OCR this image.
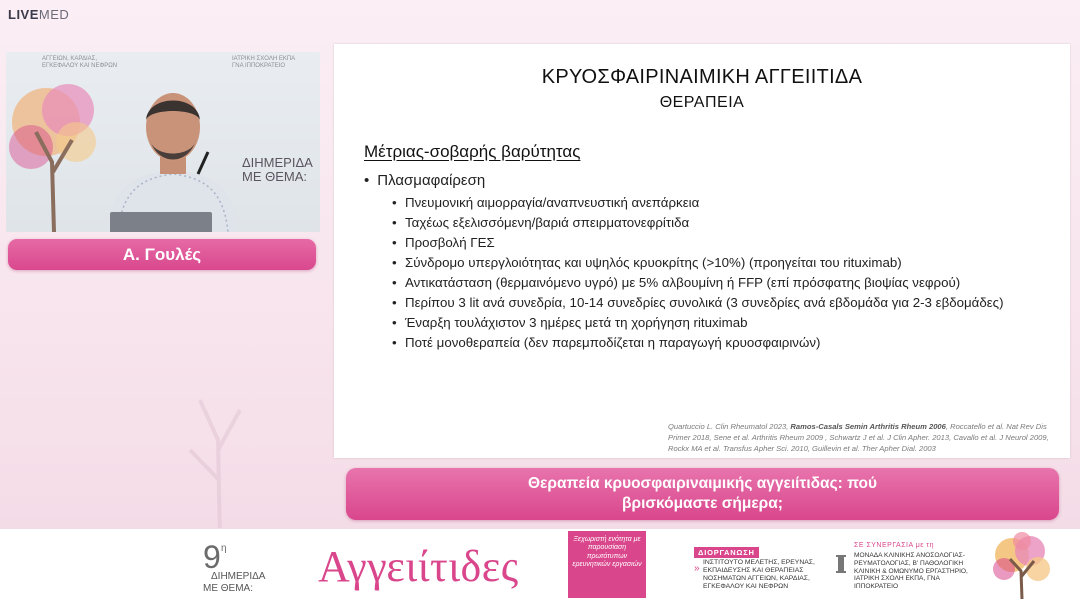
LIVEMED
ΑΓΓΕΙΩΝ, ΚΑΡΔΙΑΣ,
ΕΓΚΕΦΑΛΟΥ ΚΑΙ ΝΕΦΡΩΝ
ΙΑΤΡΙΚΗ ΣΧΟΛΗ ΕΚΠΑ
ΓΝΑ ΙΠΠΟΚΡΑΤΕΙΟ
ΔΙΗΜΕΡΙΔΑ
ΜΕ ΘΕΜΑ:
Α. Γουλές
ΚΡΥΟΣΦΑΙΡΙΝΑΙΜΙΚΗ ΑΓΓΕΙΙΤΙΔΑ
ΘΕΡΑΠΕΙΑ
Μέτριας-σοβαρής βαρύτητας
• Πλασμαφαίρεση
• Πνευμονική αιμορραγία/αναπνευστική ανεπάρκεια
• Ταχέως εξελισσόμενη/βαριά σπειρματονεφρίτιδα
• Προσβολή ΓΕΣ
• Σύνδρομο υπεργλοιότητας και υψηλός κρυοκρίτης (>10%) (προηγείται του rituximab)
• Αντικατάσταση (θερμαινόμενο υγρό) με 5% αλβουμίνη ή FFP (επί πρόσφατης βιοψίας νεφρού)
• Περίπου 3 lit ανά συνεδρία, 10-14 συνεδρίες συνολικά (3 συνεδρίες ανά εβδομάδα για 2-3 εβδομάδες)
• Έναρξη τουλάχιστον 3 ημέρες μετά τη χορήγηση rituximab
• Ποτέ μονοθεραπεία (δεν παρεμποδίζεται η παραγωγή κρυοσφαιρινών)
Quartuccio L. Clin Rheumatol 2023, Ramos-Casals Semin Arthritis Rheum 2006, Roccatello et al. Nat Rev Dis Primer 2018, Sene et al. Arthritis Rheum 2009 , Schwartz J et al. J Clin Apher. 2013, Cavallo et al. J Neurol 2009, Rockx MA et al. Transfus Apher Sci. 2010, Guillevin et al. Ther Apher Dial. 2003
Θεραπεία κρυοσφαιριναιμικής αγγειίτιδας: πού
βρισκόμαστε σήμερα;
9 η
ΔΙΗΜΕΡΙΔΑ
ΜΕ ΘΕΜΑ: Αγγειίτιδες
Ξεχωριστή ενότητα με παρουσίαση πρωτότυπων ερευνητικών εργασιών
ΔΙΟΡΓΑΝΩΣΗ
»
ΙΝΣΤΙΤΟΥΤΟ ΜΕΛΕΤΗΣ, ΕΡΕΥΝΑΣ, ΕΚΠΑΙΔΕΥΣΗΣ ΚΑΙ ΘΕΡΑΠΕΙΑΣ ΝΟΣΗΜΑΤΩΝ ΑΓΓΕΙΩΝ, ΚΑΡΔΙΑΣ, ΕΓΚΕΦΑΛΟΥ ΚΑΙ ΝΕΦΡΩΝ
ΣΕ ΣΥΝΕΡΓΑΣΙΑ με τη
ΜΟΝΑΔΑ ΚΛΙΝΙΚΗΣ ΑΝΟΣΟΛΟΓΙΑΣ-ΡΕΥΜΑΤΟΛΟΓΙΑΣ, Β' ΠΑΘΟΛΟΓΙΚΗ ΚΛΙΝΙΚΗ & ΟΜΩΝΥΜΟ ΕΡΓΑΣΤΗΡΙΟ, ΙΑΤΡΙΚΗ ΣΧΟΛΗ ΕΚΠΑ, ΓΝΑ ΙΠΠΟΚΡΑΤΕΙΟ
